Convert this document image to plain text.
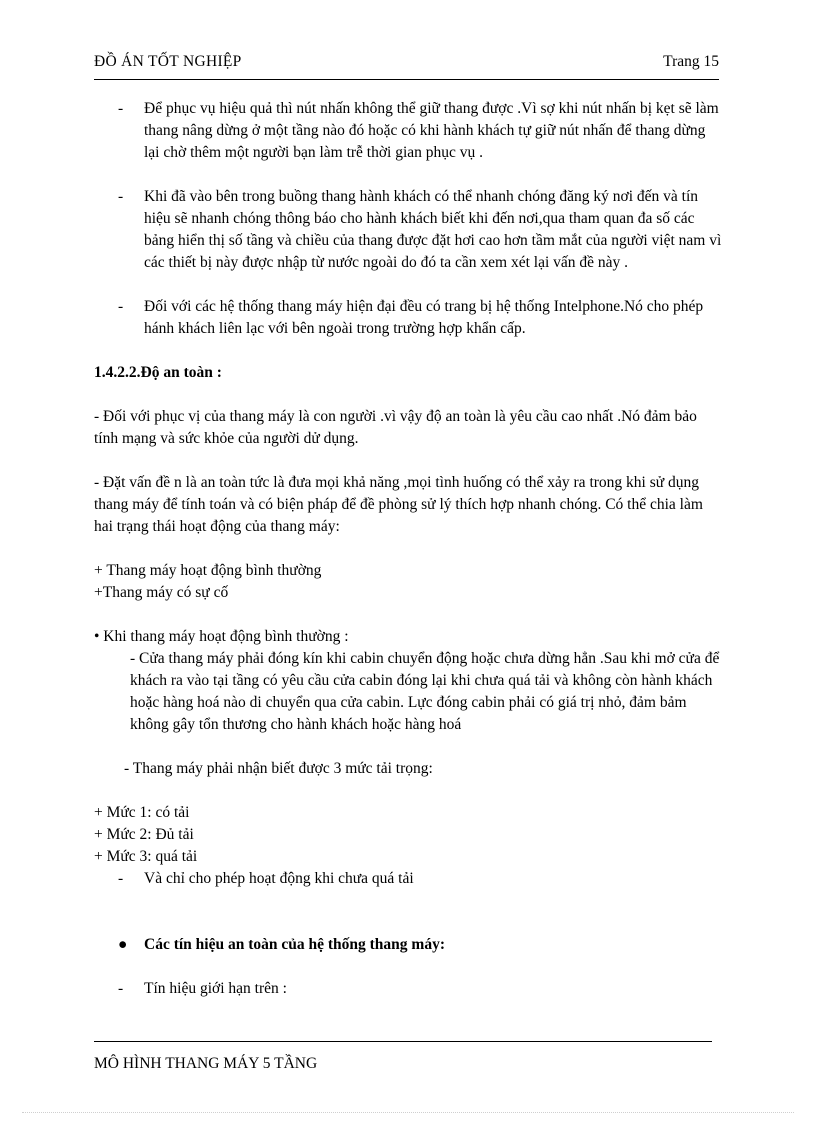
ĐỒ ÁN TỐT NGHIỆP	Trang 15
- Để phục vụ hiệu quả thì nút nhấn không thể giữ thang được .Vì sợ khi nút nhấn bị kẹt sẽ làm thang nâng dừng ở một tầng nào đó hoặc có khi hành khách tự giữ nút nhấn để thang dừng lại chờ thêm một người bạn làm trễ thời gian phục vụ .

- Khi đã vào bên trong buồng thang hành khách có thể nhanh chóng đăng ký nơi đến và tín hiệu sẽ nhanh chóng thông báo cho hành khách biết khi đến nơi,qua tham quan đa số các bảng hiển thị số tầng và chiều của thang được đặt hơi cao hơn tầm mắt của người việt nam vì các thiết bị này được nhập từ nước ngoài do đó ta cần xem xét lại vấn đề này .

- Đối với các hệ thống thang máy hiện đại đều có trang bị hệ thống Intelphone.Nó cho phép hánh khách liên lạc với bên ngoài trong trường hợp khẩn cấp.

1.4.2.2.Độ an toàn :

- Đối với phục vị của thang máy là con người .vì vậy độ an toàn là yêu cầu cao nhất .Nó đảm bảo tính mạng và sức khỏe của người dử dụng.

- Đặt vấn đề n là an toàn tức là đưa mọi khả năng ,mọi tình huống có thể xảy ra trong khi sử dụng thang máy để tính toán và có biện pháp để đề phòng sử lý thích hợp nhanh chóng. Có thể chia làm hai trạng thái hoạt động của thang máy:

+ Thang máy hoạt động bình thường

+Thang máy có sự cố

• Khi thang máy hoạt động bình thường :

- Cửa thang máy phải đóng kín khi cabin chuyển động hoặc chưa dừng hẳn .Sau khi mở cửa để khách ra vào tại tầng có yêu cầu cửa cabin đóng lại khi chưa quá tải và không còn hành khách hoặc hàng hoá nào di chuyển qua cửa cabin. Lực đóng cabin phải có giá trị nhỏ, đảm bảm không gây tổn thương cho hành khách hoặc hàng hoá

- Thang máy phải nhận biết được 3 mức tải trọng:

+ Mức 1: có tải

+ Mức 2: Đủ tải

+ Mức 3: quá tải

- Và chỉ cho phép hoạt động khi chưa quá tải

● Các tín hiệu an toàn của hệ thống thang máy:

- Tín hiệu giới hạn trên :

MÔ HÌNH THANG MÁY 5 TẦNG
